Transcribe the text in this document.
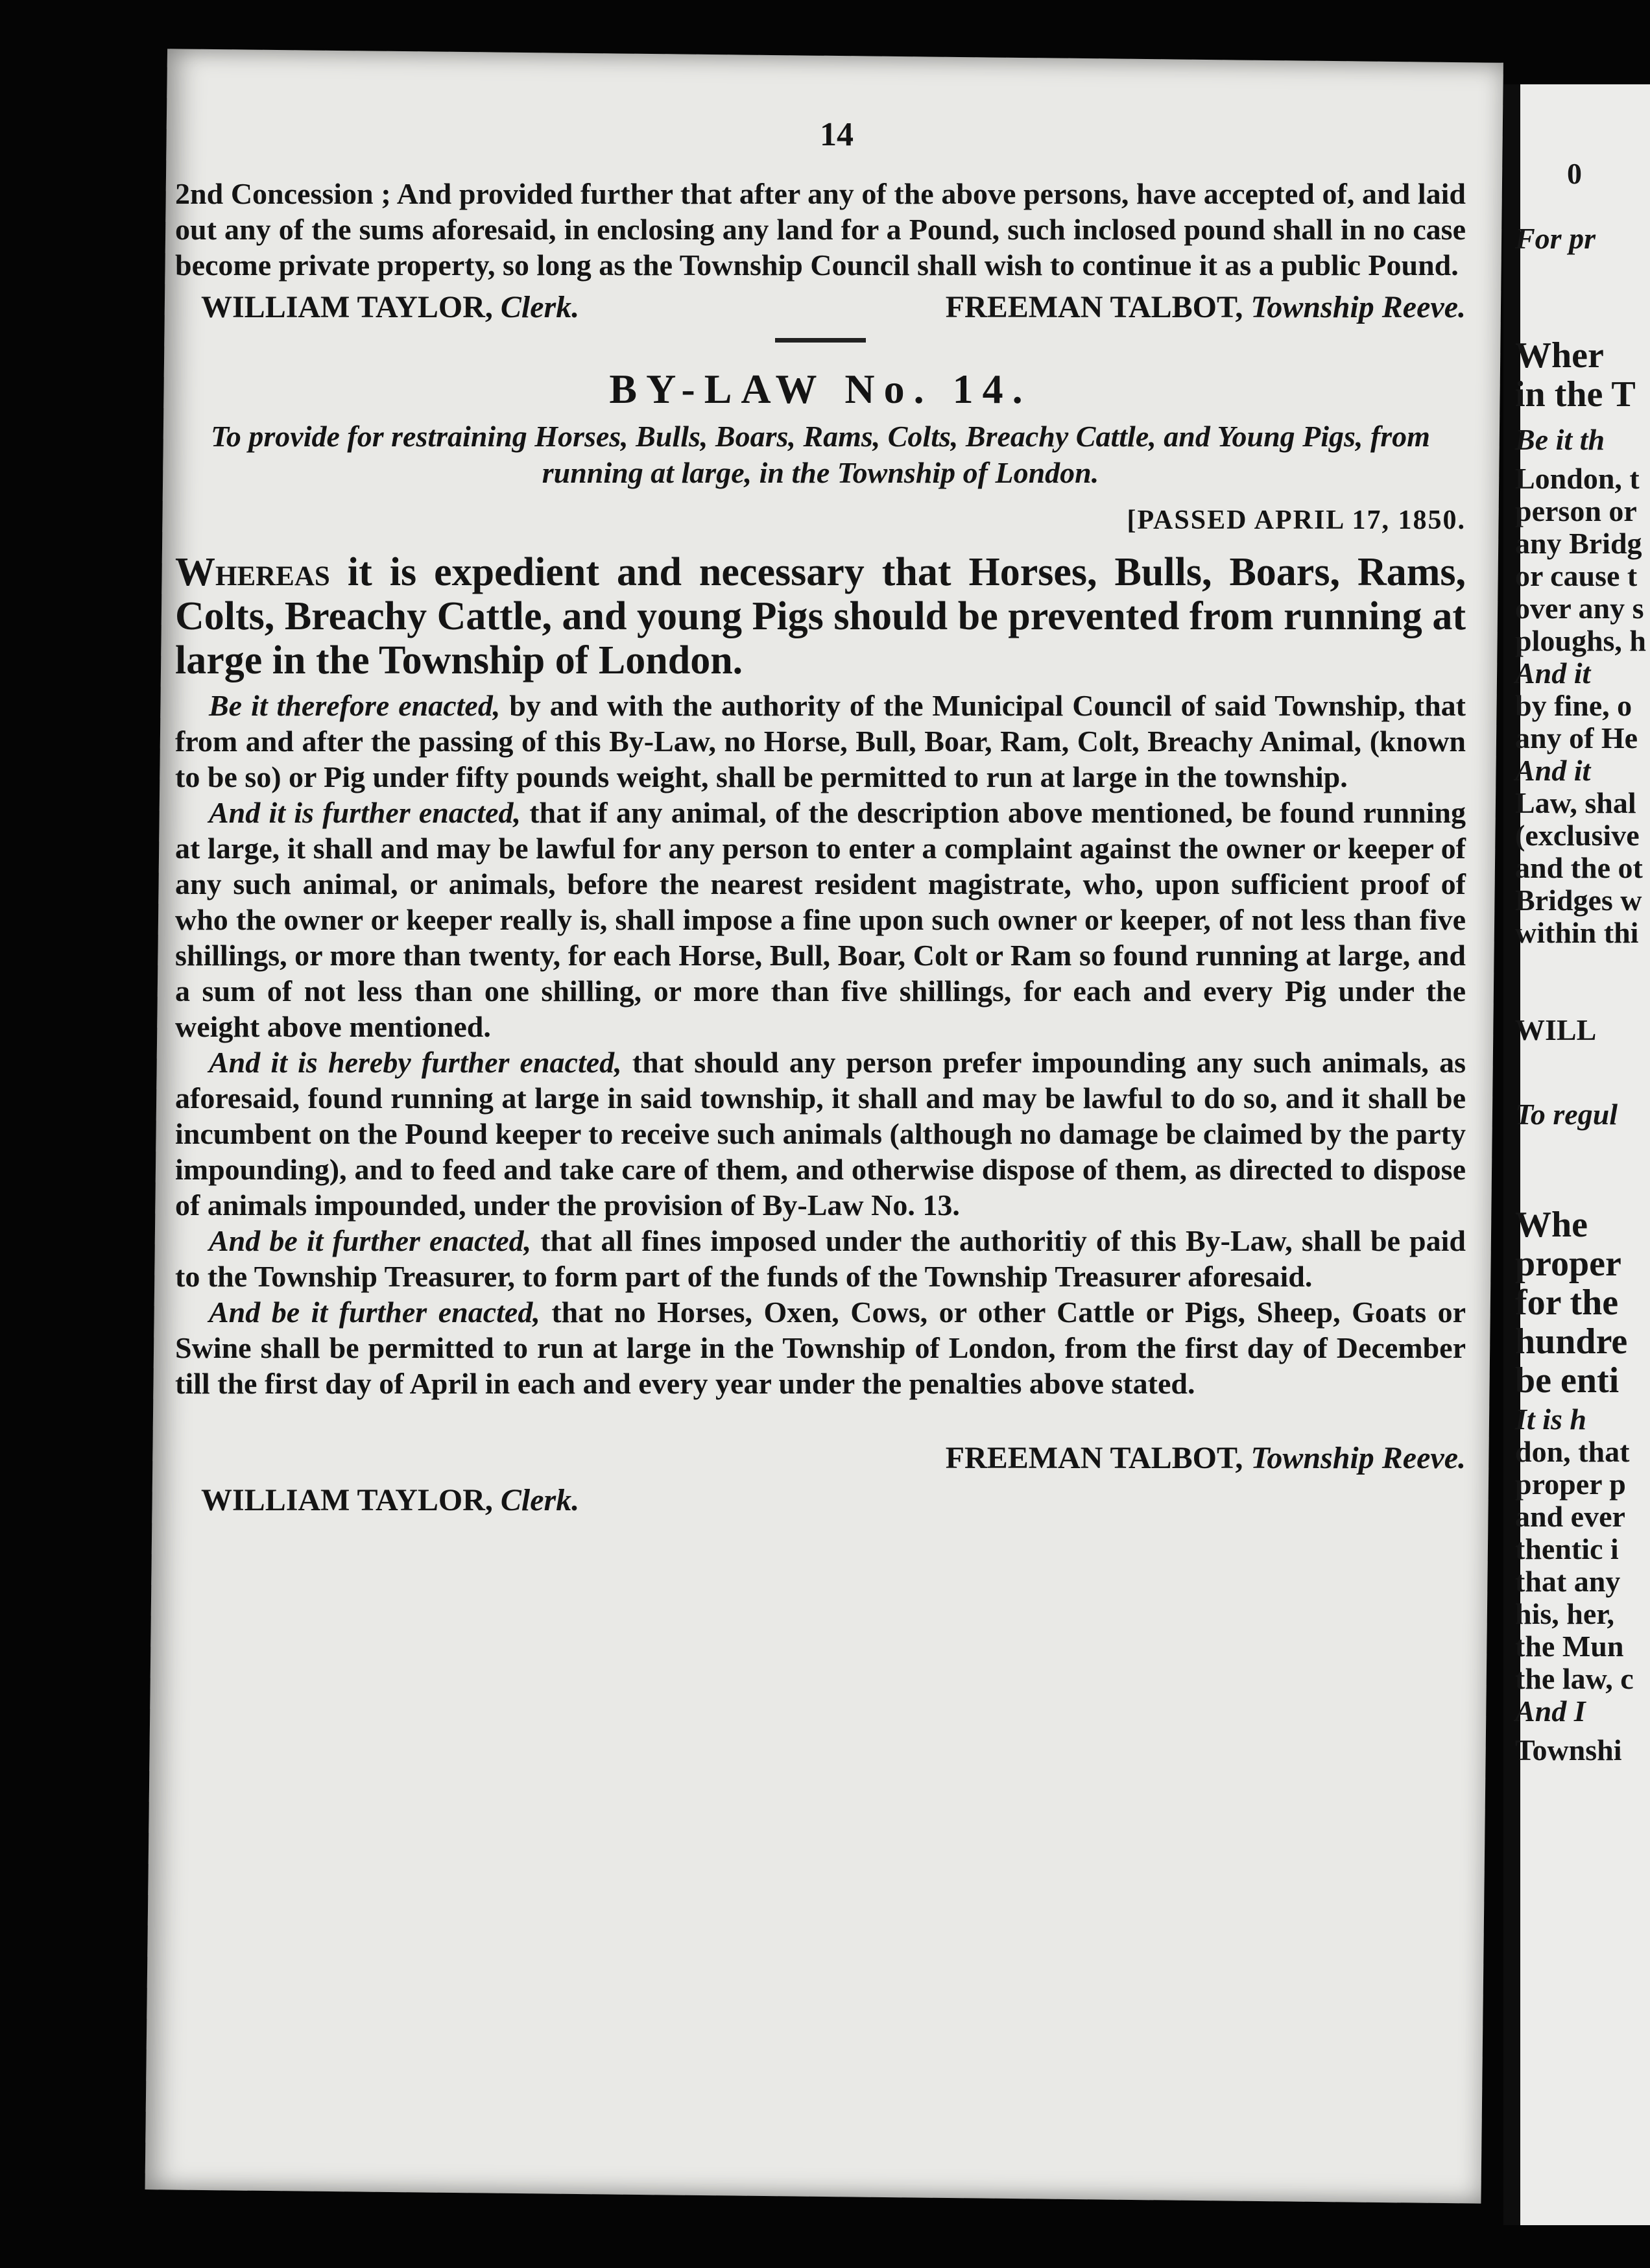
14

2nd Concession ; And provided further that after any of the above persons, have accepted of, and laid out any of the sums aforesaid, in enclosing any land for a Pound, such inclosed pound shall in no case become private property, so long as the Township Council shall wish to continue it as a public Pound.

WILLIAM TAYLOR, Clerk.	FREEMAN TALBOT, Township Reeve.
BY-LAW No. 14.
To provide for restraining Horses, Bulls, Boars, Rams, Colts, Breachy Cattle, and Young Pigs, from running at large, in the Township of London.
[PASSED APRIL 17, 1850.

Whereas it is expedient and necessary that Horses, Bulls, Boars, Rams, Colts, Breachy Cattle, and young Pigs should be prevented from running at large in the Township of London.

Be it therefore enacted, by and with the authority of the Municipal Council of said Township, that from and after the passing of this By-Law, no Horse, Bull, Boar, Ram, Colt, Breachy Animal, (known to be so) or Pig under fifty pounds weight, shall be permitted to run at large in the township.

And it is further enacted, that if any animal, of the description above mentioned, be found running at large, it shall and may be lawful for any person to enter a complaint against the owner or keeper of any such animal, or animals, before the nearest resident magistrate, who, upon sufficient proof of who the owner or keeper really is, shall impose a fine upon such owner or keeper, of not less than five shillings, or more than twenty, for each Horse, Bull, Boar, Colt or Ram so found running at large, and a sum of not less than one shilling, or more than five shillings, for each and every Pig under the weight above mentioned.

And it is hereby further enacted, that should any person prefer impounding any such animals, as aforesaid, found running at large in said township, it shall and may be lawful to do so, and it shall be incumbent on the Pound keeper to receive such animals (although no damage be claimed by the party impounding), and to feed and take care of them, and otherwise dispose of them, as directed to dispose of animals impounded, under the provision of By-Law No. 13.

And be it further enacted, that all fines imposed under the authoritiy of this By-Law, shall be paid to the Township Treasurer, to form part of the funds of the Township Treasurer aforesaid.

And be it further enacted, that no Horses, Oxen, Cows, or other Cattle or Pigs, Sheep, Goats or Swine shall be permitted to run at large in the Township of London, from the first day of December till the first day of April in each and every year under the penalties above stated.

FREEMAN TALBOT, Township Reeve.
WILLIAM TAYLOR, Clerk.
0
For pr
Wher
in the T
Be it th
London, t
person or
any Bridg
or cause t
over any s
ploughs, h
And it
by fine, o
any of He
And it
Law, shal
(exclusive
and the ot
Bridges w
within thi
WILL
To regul
Whe
proper
for the
hundre
be enti
It is h
don, that
proper p
and ever
thentic i
that any
his, her,
the Mun
the law, c
And I
Townshi
